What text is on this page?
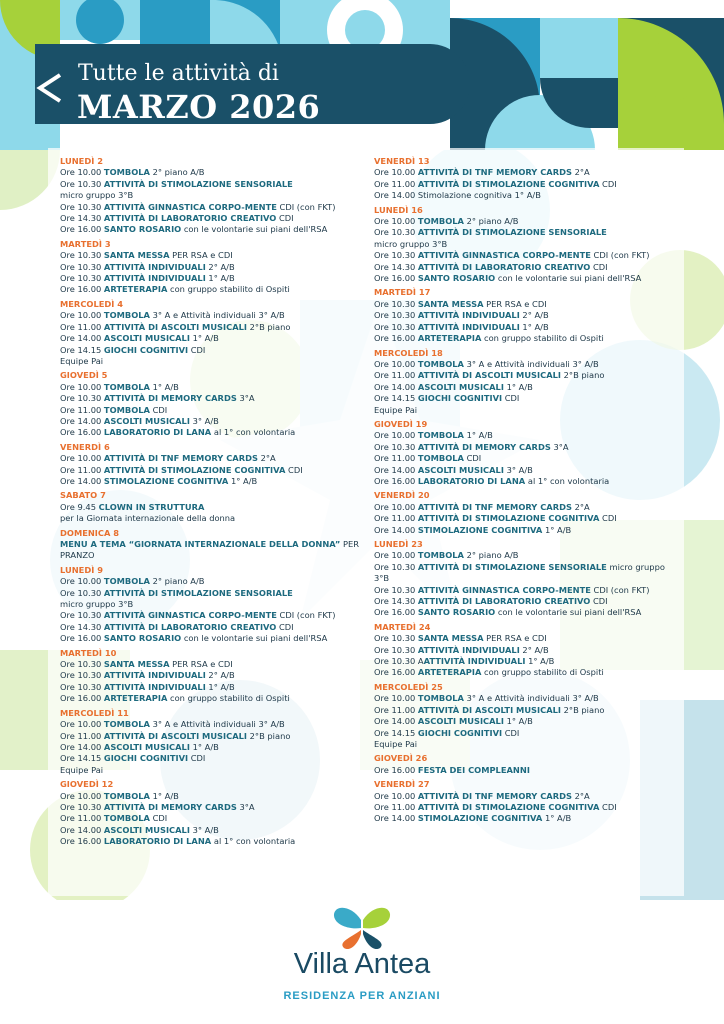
Tutte le attività di
MARZO 2026
LUNEDÌ 2
Ore 10.00 TOMBOLA 2° piano A/B
Ore 10.30 ATTIVITÀ DI STIMOLAZIONE SENSORIALE
micro gruppo 3°B
Ore 10.30 ATTIVITÀ GINNASTICA CORPO-MENTE CDI (con FKT)
Ore 14.30 ATTIVITÀ DI LABORATORIO CREATIVO CDI
Ore 16.00 SANTO ROSARIO con le volontarie sui piani dell'RSA
MARTEDÌ 3
Ore 10.30 SANTA MESSA PER RSA e CDI
Ore 10.30 ATTIVITÀ INDIVIDUALI 2° A/B
Ore 10.30 ATTIVITÀ INDIVIDUALI 1° A/B
Ore 16.00 ARTETERAPIA con gruppo stabilito di Ospiti
MERCOLEDÌ 4
Ore 10.00 TOMBOLA 3° A e Attività individuali 3° A/B
Ore 11.00 ATTIVITÀ DI ASCOLTI MUSICALI 2°B piano
Ore 14.00 ASCOLTI MUSICALI 1° A/B
Ore 14.15 GIOCHI COGNITIVI CDI
Equipe Pai
GIOVEDÌ 5
Ore 10.00 TOMBOLA 1° A/B
Ore 10.30 ATTIVITÀ DI MEMORY CARDS 3°A
Ore 11.00 TOMBOLA CDI
Ore 14.00 ASCOLTI MUSICALI 3° A/B
Ore 16.00 LABORATORIO DI LANA al 1° con volontaria
VENERDÌ 6
Ore 10.00 ATTIVITÀ DI TNF MEMORY CARDS 2°A
Ore 11.00 ATTIVITÀ DI STIMOLAZIONE COGNITIVA CDI
Ore 14.00 STIMOLAZIONE COGNITIVA 1° A/B
SABATO 7
Ore 9.45 CLOWN IN STRUTTURA
per la Giornata internazionale della donna
DOMENICA 8
MENU A TEMA “GIORNATA INTERNAZIONALE DELLA DONNA” PER PRANZO
LUNEDÌ 9
Ore 10.00 TOMBOLA 2° piano A/B
Ore 10.30 ATTIVITÀ DI STIMOLAZIONE SENSORIALE
micro gruppo 3°B
Ore 10.30 ATTIVITÀ GINNASTICA CORPO-MENTE CDI (con FKT)
Ore 14.30 ATTIVITÀ DI LABORATORIO CREATIVO CDI
Ore 16.00 SANTO ROSARIO con le volontarie sui piani dell'RSA
MARTEDÌ 10
Ore 10.30 SANTA MESSA PER RSA e CDI
Ore 10.30 ATTIVITÀ INDIVIDUALI 2° A/B
Ore 10.30 ATTIVITÀ INDIVIDUALI 1° A/B
Ore 16.00 ARTETERAPIA con gruppo stabilito di Ospiti
MERCOLEDÌ 11
Ore 10.00 TOMBOLA 3° A e Attività individuali 3° A/B
Ore 11.00 ATTIVITÀ DI ASCOLTI MUSICALI 2°B piano
Ore 14.00 ASCOLTI MUSICALI 1° A/B
Ore 14.15 GIOCHI COGNITIVI CDI
Equipe Pai
GIOVEDÌ 12
Ore 10.00 TOMBOLA 1° A/B
Ore 10.30 ATTIVITÀ DI MEMORY CARDS 3°A
Ore 11.00 TOMBOLA CDI
Ore 14.00 ASCOLTI MUSICALI 3° A/B
Ore 16.00 LABORATORIO DI LANA al 1° con volontaria
VENERDÌ 13
Ore 10.00 ATTIVITÀ DI TNF MEMORY CARDS 2°A
Ore 11.00 ATTIVITÀ DI STIMOLAZIONE COGNITIVA CDI
Ore 14.00 Stimolazione cognitiva 1° A/B
LUNEDÌ 16
Ore 10.00 TOMBOLA 2° piano A/B
Ore 10.30 ATTIVITÀ DI STIMOLAZIONE SENSORIALE
micro gruppo 3°B
Ore 10.30 ATTIVITÀ GINNASTICA CORPO-MENTE CDI (con FKT)
Ore 14.30 ATTIVITÀ DI LABORATORIO CREATIVO CDI
Ore 16.00 SANTO ROSARIO con le volontarie sui piani dell'RSA
MARTEDÌ 17
Ore 10.30 SANTA MESSA PER RSA e CDI
Ore 10.30 ATTIVITÀ INDIVIDUALI 2° A/B
Ore 10.30 ATTIVITÀ INDIVIDUALI 1° A/B
Ore 16.00 ARTETERAPIA con gruppo stabilito di Ospiti
MERCOLEDÌ 18
Ore 10.00 TOMBOLA 3° A e Attività individuali 3° A/B
Ore 11.00 ATTIVITÀ DI ASCOLTI MUSICALI 2°B piano
Ore 14.00 ASCOLTI MUSICALI 1° A/B
Ore 14.15 GIOCHI COGNITIVI CDI
Equipe Pai
GIOVEDÌ 19
Ore 10.00 TOMBOLA 1° A/B
Ore 10.30 ATTIVITÀ DI MEMORY CARDS 3°A
Ore 11.00 TOMBOLA CDI
Ore 14.00 ASCOLTI MUSICALI 3° A/B
Ore 16.00 LABORATORIO DI LANA al 1° con volontaria
VENERDÌ 20
Ore 10.00 ATTIVITÀ DI TNF MEMORY CARDS 2°A
Ore 11.00 ATTIVITÀ DI STIMOLAZIONE COGNITIVA CDI
Ore 14.00 STIMOLAZIONE COGNITIVA 1° A/B
LUNEDÌ 23
Ore 10.00 TOMBOLA 2° piano A/B
Ore 10.30 ATTIVITÀ DI STIMOLAZIONE SENSORIALE micro gruppo 3°B
Ore 10.30 ATTIVITÀ GINNASTICA CORPO-MENTE CDI (con FKT)
Ore 14.30 ATTIVITÀ DI LABORATORIO CREATIVO CDI
Ore 16.00 SANTO ROSARIO con le volontarie sui piani dell'RSA
MARTEDÌ 24
Ore 10.30 SANTA MESSA PER RSA e CDI
Ore 10.30 ATTIVITÀ INDIVIDUALI 2° A/B
Ore 10.30 AATTIVITÀ INDIVIDUALI 1° A/B
Ore 16.00 ARTETERAPIA con gruppo stabilito di Ospiti
MERCOLEDÌ 25
Ore 10.00 TOMBOLA 3° A e Attività individuali 3° A/B
Ore 11.00 ATTIVITÀ DI ASCOLTI MUSICALI 2°B piano
Ore 14.00 ASCOLTI MUSICALI 1° A/B
Ore 14.15 GIOCHI COGNITIVI CDI
Equipe Pai
GIOVEDÌ 26
Ore 16.00 FESTA DEI COMPLEANNI
VENERDÌ 27
Ore 10.00 ATTIVITÀ DI TNF MEMORY CARDS 2°A
Ore 11.00 ATTIVITÀ DI STIMOLAZIONE COGNITIVA CDI
Ore 14.00 STIMOLAZIONE COGNITIVA 1° A/B
Villa Antea
RESIDENZA PER ANZIANI
